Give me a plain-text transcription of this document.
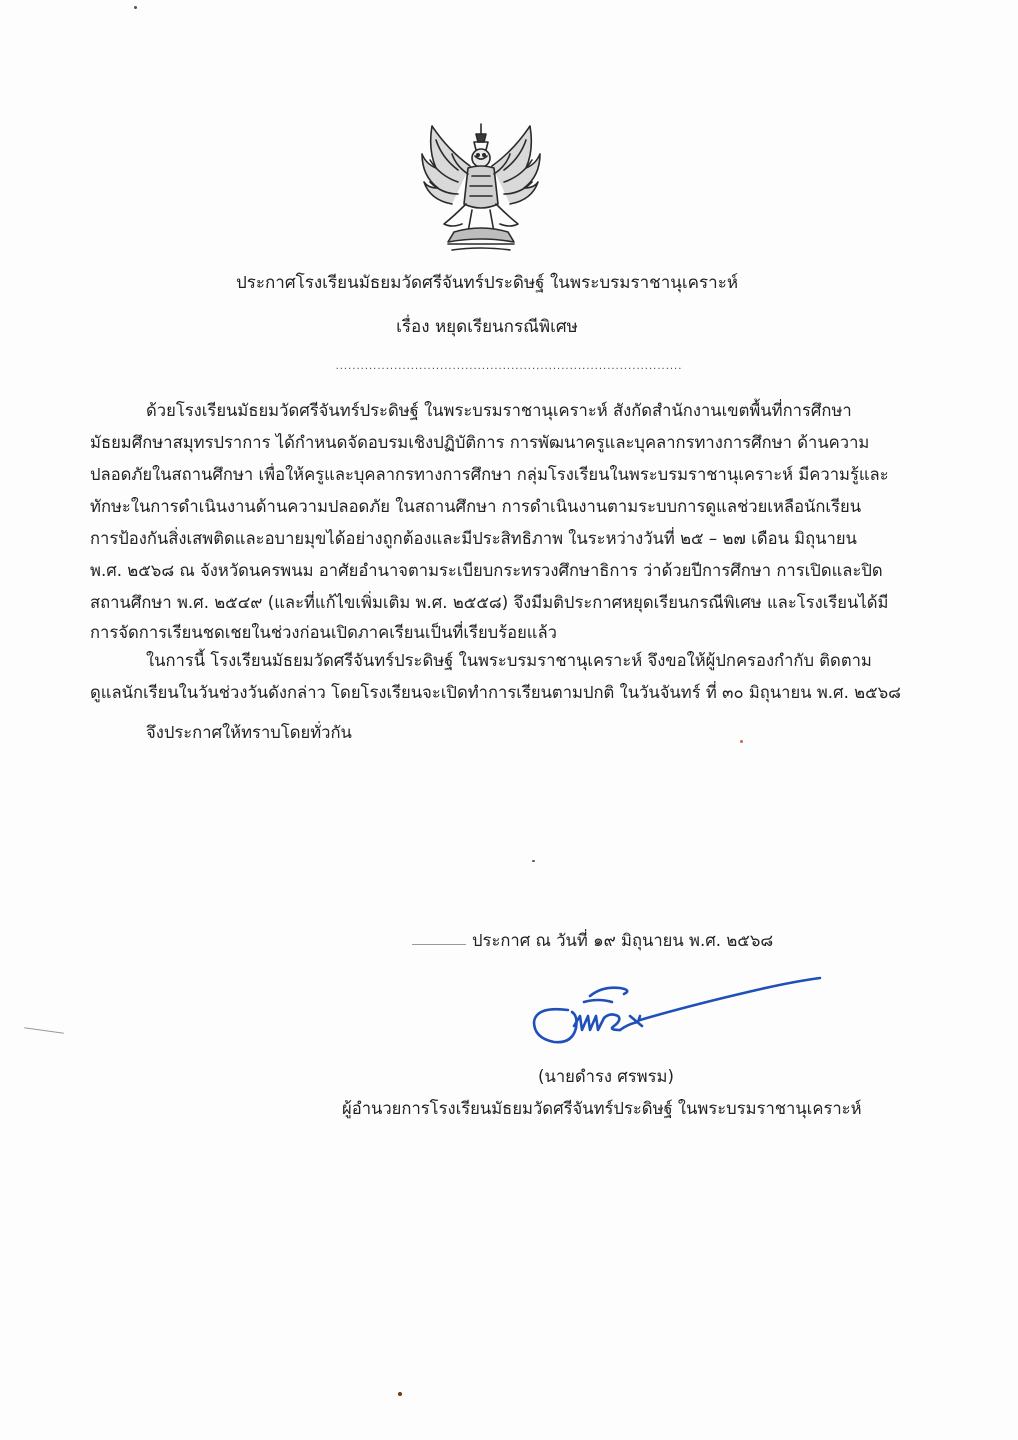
ประกาศโรงเรียนมัธยมวัดศรีจันทร์ประดิษฐ์ ในพระบรมราชานุเคราะห์
เรื่อง หยุดเรียนกรณีพิเศษ
...................................................................................
ด้วยโรงเรียนมัธยมวัดศรีจันทร์ประดิษฐ์ ในพระบรมราชานุเคราะห์ สังกัดสำนักงานเขตพื้นที่การศึกษา
มัธยมศึกษาสมุทรปราการ ได้กำหนดจัดอบรมเชิงปฏิบัติการ การพัฒนาครูและบุคลากรทางการศึกษา ด้านความ
ปลอดภัยในสถานศึกษา เพื่อให้ครูและบุคลากรทางการศึกษา กลุ่มโรงเรียนในพระบรมราชานุเคราะห์ มีความรู้และ
ทักษะในการดำเนินงานด้านความปลอดภัย ในสถานศึกษา การดำเนินงานตามระบบการดูแลช่วยเหลือนักเรียน
การป้องกันสิ่งเสพติดและอบายมุขได้อย่างถูกต้องและมีประสิทธิภาพ ในระหว่างวันที่ ๒๕ – ๒๗ เดือน มิถุนายน
พ.ศ. ๒๕๖๘ ณ จังหวัดนครพนม อาศัยอำนาจตามระเบียบกระทรวงศึกษาธิการ ว่าด้วยปีการศึกษา การเปิดและปิด
สถานศึกษา พ.ศ. ๒๕๔๙ (และที่แก้ไขเพิ่มเติม พ.ศ. ๒๕๕๘) จึงมีมติประกาศหยุดเรียนกรณีพิเศษ และโรงเรียนได้มี
การจัดการเรียนชดเชยในช่วงก่อนเปิดภาคเรียนเป็นที่เรียบร้อยแล้ว
ในการนี้ โรงเรียนมัธยมวัดศรีจันทร์ประดิษฐ์ ในพระบรมราชานุเคราะห์ จึงขอให้ผู้ปกครองกำกับ ติดตาม
ดูแลนักเรียนในวันช่วงวันดังกล่าว โดยโรงเรียนจะเปิดทำการเรียนตามปกติ ในวันจันทร์ ที่ ๓๐ มิถุนายน พ.ศ. ๒๕๖๘
จึงประกาศให้ทราบโดยทั่วกัน
ประกาศ ณ วันที่ ๑๙ มิถุนายน พ.ศ. ๒๕๖๘
(นายดำรง ศรพรม)
ผู้อำนวยการโรงเรียนมัธยมวัดศรีจันทร์ประดิษฐ์ ในพระบรมราชานุเคราะห์
